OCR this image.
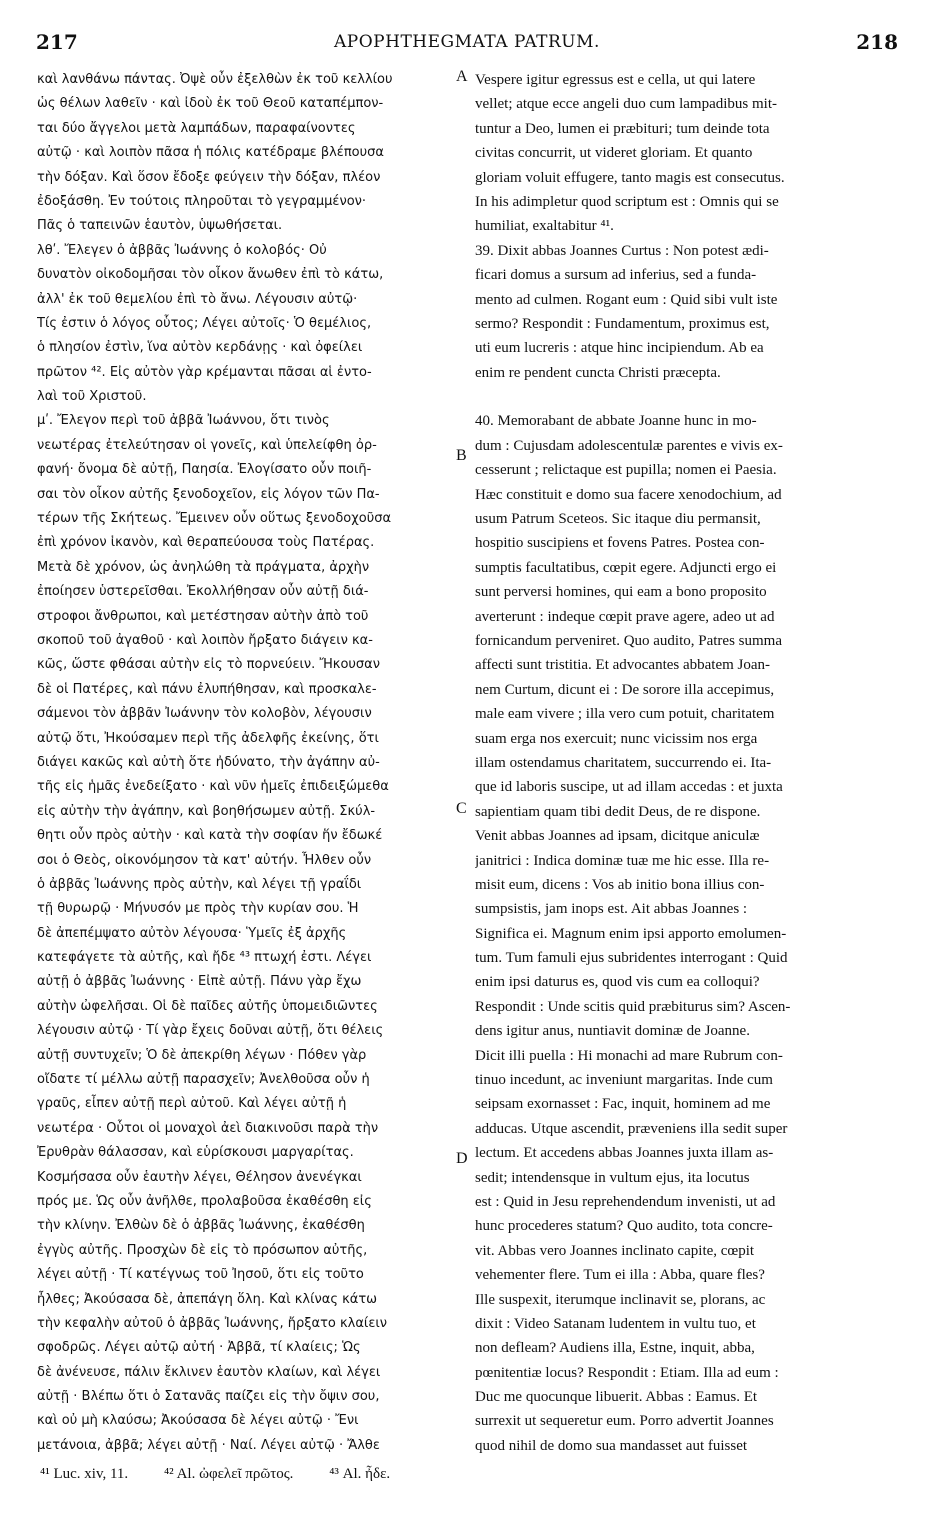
217	APOPHTHEGMATA PATRUM.	218
καὶ λανθάνω πάντας. Ὀψὲ οὖν ἐξελθὼν ἐκ τοῦ κελλίου
ὡς θέλων λαθεῖν · καὶ ἰδοὺ ἐκ τοῦ Θεοῦ καταπέμπον-
ται δύο ἄγγελοι μετὰ λαμπάδων, παραφαίνοντες
αὐτῷ · καὶ λοιπὸν πᾶσα ἡ πόλις κατέδραμε βλέπουσα
τὴν δόξαν. Καὶ ὅσον ἔδοξε φεύγειν τὴν δόξαν, πλέον
ἐδοξάσθη. Ἐν τούτοις πληροῦται τὸ γεγραμμένον·
Πᾶς ὁ ταπεινῶν ἑαυτὸν, ὑψωθήσεται.
λθʹ. Ἔλεγεν ὁ ἀββᾶς Ἰωάννης ὁ κολοβός· Οὐ
δυνατὸν οἰκοδομῆσαι τὸν οἶκον ἄνωθεν ἐπὶ τὸ κάτω,
ἀλλ' ἐκ τοῦ θεμελίου ἐπὶ τὸ ἄνω. Λέγουσιν αὐτῷ·
Τίς ἐστιν ὁ λόγος οὗτος; Λέγει αὐτοῖς· Ὁ θεμέλιος,
ὁ πλησίον ἐστὶν, ἵνα αὐτὸν κερδάνῃς · καὶ ὀφείλει
πρῶτον ⁴². Εἰς αὐτὸν γὰρ κρέμανται πᾶσαι αἱ ἐντο-
λαὶ τοῦ Χριστοῦ.
μʹ. Ἔλεγον περὶ τοῦ ἀββᾶ Ἰωάννου, ὅτι τινὸς
νεωτέρας ἐτελεύτησαν οἱ γονεῖς, καὶ ὑπελείφθη ὀρ-
φανή· ὄνομα δὲ αὐτῇ, Παησία. Ἐλογίσατο οὖν ποιῆ-
σαι τὸν οἶκον αὐτῆς ξενοδοχεῖον, εἰς λόγον τῶν Πα-
τέρων τῆς Σκήτεως. Ἔμεινεν οὖν οὕτως ξενοδοχοῦσα
ἐπὶ χρόνον ἱκανὸν, καὶ θεραπεύουσα τοὺς Πατέρας.
Μετὰ δὲ χρόνον, ὡς ἀνηλώθη τὰ πράγματα, ἀρχὴν
ἐποίησεν ὑστερεῖσθαι. Ἐκολλήθησαν οὖν αὐτῇ διά-
στροφοι ἄνθρωποι, καὶ μετέστησαν αὐτὴν ἀπὸ τοῦ
σκοποῦ τοῦ ἀγαθοῦ · καὶ λοιπὸν ἤρξατο διάγειν κα-
κῶς, ὥστε φθάσαι αὐτὴν εἰς τὸ πορνεύειν. Ἤκουσαν
δὲ οἱ Πατέρες, καὶ πάνυ ἐλυπήθησαν, καὶ προσκαλε-
σάμενοι τὸν ἀββᾶν Ἰωάννην τὸν κολοβὸν, λέγουσιν
αὐτῷ ὅτι, Ἠκούσαμεν περὶ τῆς ἀδελφῆς ἐκείνης, ὅτι
διάγει κακῶς καὶ αὐτὴ ὅτε ἠδύνατο, τὴν ἀγάπην αὐ-
τῆς εἰς ἡμᾶς ἐνεδείξατο · καὶ νῦν ἡμεῖς ἐπιδειξώμεθα
εἰς αὐτὴν τὴν ἀγάπην, καὶ βοηθήσωμεν αὐτῇ. Σκύλ-
θητι οὖν πρὸς αὐτὴν · καὶ κατὰ τὴν σοφίαν ἥν ἔδωκέ
σοι ὁ Θεὸς, οἰκονόμησον τὰ κατ' αὐτήν. Ἦλθεν οὖν
ὁ ἀββᾶς Ἰωάννης πρὸς αὐτὴν, καὶ λέγει τῇ γραΐδι
τῇ θυρωρῷ · Μήνυσόν με πρὸς τὴν κυρίαν σου. Ἡ
δὲ ἀπεπέμψατο αὐτὸν λέγουσα· Ὑμεῖς ἐξ ἀρχῆς
κατεφάγετε τὰ αὐτῆς, καὶ ἤδε ⁴³ πτωχή ἐστι. Λέγει
αὐτῇ ὁ ἀββᾶς Ἰωάννης · Εἰπὲ αὐτῇ. Πάνυ γὰρ ἔχω
αὐτὴν ὠφελῆσαι. Οἱ δὲ παῖδες αὐτῆς ὑπομειδιῶντες
λέγουσιν αὐτῷ · Τί γὰρ ἔχεις δοῦναι αὐτῇ, ὅτι θέλεις
αὐτῇ συντυχεῖν; Ὁ δὲ ἀπεκρίθη λέγων · Πόθεν γὰρ
οἴδατε τί μέλλω αὐτῇ παρασχεῖν; Ἀνελθοῦσα οὖν ἡ
γραῦς, εἶπεν αὐτῇ περὶ αὐτοῦ. Καὶ λέγει αὐτῇ ἡ
νεωτέρα · Οὗτοι οἱ μοναχοὶ ἀεὶ διακινοῦσι παρὰ τὴν
Ἐρυθρὰν θάλασσαν, καὶ εὑρίσκουσι μαργαρίτας.
Κοσμήσασα οὖν ἑαυτὴν λέγει, Θέλησον ἀνενέγκαι
πρός με. Ὡς οὖν ἀνῆλθε, προλαβοῦσα ἐκαθέσθη εἰς
τὴν κλίνην. Ἐλθὼν δὲ ὁ ἀββᾶς Ἰωάννης, ἐκαθέσθη
ἐγγὺς αὐτῆς. Προσχὼν δὲ εἰς τὸ πρόσωπον αὐτῆς,
λέγει αὐτῇ · Τί κατέγνως τοῦ Ἰησοῦ, ὅτι εἰς τοῦτο
ἦλθες; Ἀκούσασα δὲ, ἀπεπάγη ὅλη. Καὶ κλίνας κάτω
τὴν κεφαλὴν αὐτοῦ ὁ ἀββᾶς Ἰωάννης, ἤρξατο κλαίειν
σφοδρῶς. Λέγει αὐτῷ αὐτή · Ἀββᾶ, τί κλαίεις; Ὡς
δὲ ἀνένευσε, πάλιν ἔκλινεν ἑαυτὸν κλαίων, καὶ λέγει
αὐτῇ · Βλέπω ὅτι ὁ Σατανᾶς παίζει εἰς τὴν ὄψιν σου,
καὶ οὐ μὴ κλαύσω; Ἀκούσασα δὲ λέγει αὐτῷ · Ἔνι
μετάνοια, ἀββᾶ; λέγει αὐτῇ · Ναί. Λέγει αὐτῷ · Ἄλθε
Vespere igitur egressus est e cella, ut qui latere
vellet; atque ecce angeli duo cum lampadibus mit-
tuntur a Deo, lumen ei præbituri; tum deinde tota
civitas concurrit, ut videret gloriam. Et quanto
gloriam voluit effugere, tanto magis est consecutus.
In his adimpletur quod scriptum est : Omnis qui se
humiliat, exaltabitur ⁴¹.
39. Dixit abbas Joannes Curtus : Non potest ædi-
ficari domus a sursum ad inferius, sed a funda-
mento ad culmen. Rogant eum : Quid sibi vult iste
sermo? Respondit : Fundamentum, proximus est,
uti eum lucreris : atque hinc incipiendum. Ab ea
enim re pendent cuncta Christi præcepta.
40. Memorabant de abbate Joanne hunc in mo-
dum : Cujusdam adolescentulæ parentes e vivis ex-
cesserunt ; relictaque est pupilla; nomen ei Paesia.
Hæc constituit e domo sua facere xenodochium, ad
usum Patrum Sceteos. Sic itaque diu permansit,
hospitio suscipiens et fovens Patres. Postea con-
sumptis facultatibus, cœpit egere. Adjuncti ergo ei
sunt perversi homines, qui eam a bono proposito
averterunt : indeque cœpit prave agere, adeo ut ad
fornicandum perveniret. Quo audito, Patres summa
affecti sunt tristitia. Et advocantes abbatem Joan-
nem Curtum, dicunt ei : De sorore illa accepimus,
male eam vivere ; illa vero cum potuit, charitatem
suam erga nos exercuit; nunc vicissim nos erga
illam ostendamus charitatem, succurrendo ei. Ita-
que id laboris suscipe, ut ad illam accedas : et juxta
sapientiam quam tibi dedit Deus, de re dispone.
Venit abbas Joannes ad ipsam, dicitque aniculæ
janitrici : Indica dominæ tuæ me hic esse. Illa re-
misit eum, dicens : Vos ab initio bona illius con-
sumpsistis, jam inops est. Ait abbas Joannes :
Significa ei. Magnum enim ipsi apporto emolumen-
tum. Tum famuli ejus subridentes interrogant : Quid
enim ipsi daturus es, quod vis cum ea colloqui?
Respondit : Unde scitis quid præbiturus sim? Ascen-
dens igitur anus, nuntiavit dominæ de Joanne.
Dicit illi puella : Hi monachi ad mare Rubrum con-
tinuo incedunt, ac inveniunt margaritas. Inde cum
seipsam exornasset : Fac, inquit, hominem ad me
adducas. Utque ascendit, præveniens illa sedit super
lectum. Et accedens abbas Joannes juxta illam as-
sedit; intendensque in vultum ejus, ita locutus
est : Quid in Jesu reprehendendum invenisti, ut ad
hunc procederes statum? Quo audito, tota concre-
vit. Abbas vero Joannes inclinato capite, cœpit
vehementer flere. Tum ei illa : Abba, quare fles?
Ille suspexit, iterumque inclinavit se, plorans, ac
dixit : Video Satanam ludentem in vultu tuo, et
non defleam? Audiens illa, Estne, inquit, abba,
pœnitentiæ locus? Respondit : Etiam. Illa ad eum :
Duc me quocunque libuerit. Abbas : Eamus. Et
surrexit ut sequeretur eum. Porro advertit Joannes
quod nihil de domo sua mandasset aut fuisset
A
B
C
D
⁴¹ Luc. xiv, 11. ⁴² Al. ὠφελεῖ πρῶτος. ⁴³ Al. ἦδε.
